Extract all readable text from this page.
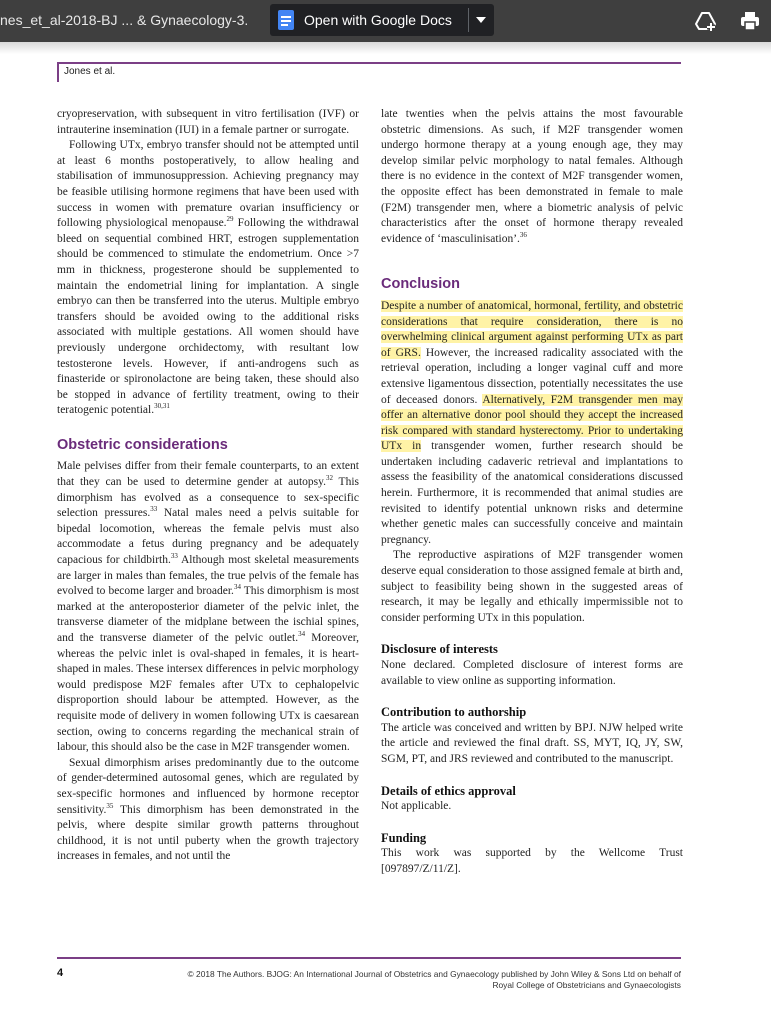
nes_et_al-2018-BJ ... & Gynaecology-3.	Open with Google Docs
Jones et al.

cryopreservation, with subsequent in vitro fertilisation (IVF) or intrauterine insemination (IUI) in a female partner or surrogate.

Following UTx, embryo transfer should not be attempted until at least 6 months postoperatively, to allow healing and stabilisation of immunosuppression. Achieving pregnancy may be feasible utilising hormone regimens that have been used with success in women with premature ovarian insufficiency or following physiological menopause.$^{29}$ Following the withdrawal bleed on sequential combined HRT, estrogen supplementation should be commenced to stimulate the endometrium. Once >7 mm in thickness, progesterone should be supplemented to maintain the endometrial lining for implantation. A single embryo can then be transferred into the uterus. Multiple embryo transfers should be avoided owing to the additional risks associated with multiple gestations. All women should have previously undergone orchidectomy, with resultant low testosterone levels. However, if anti-androgens such as finasteride or spironolactone are being taken, these should also be stopped in advance of fertility treatment, owing to their teratogenic potential.$^{30,31}$

Obstetric considerations

Male pelvises differ from their female counterparts, to an extent that they can be used to determine gender at autopsy.$^{32}$ This dimorphism has evolved as a consequence to sex-specific selection pressures.$^{33}$ Natal males need a pelvis suitable for bipedal locomotion, whereas the female pelvis must also accommodate a fetus during pregnancy and be adequately capacious for childbirth.$^{33}$ Although most skeletal measurements are larger in males than females, the true pelvis of the female has evolved to become larger and broader.$^{34}$ This dimorphism is most marked at the anteroposterior diameter of the pelvic inlet, the transverse diameter of the midplane between the ischial spines, and the transverse diameter of the pelvic outlet.$^{34}$ Moreover, whereas the pelvic inlet is oval-shaped in females, it is heart-shaped in males. These intersex differences in pelvic morphology would predispose M2F females after UTx to cephalopelvic disproportion should labour be attempted. However, as the requisite mode of delivery in women following UTx is caesarean section, owing to concerns regarding the mechanical strain of labour, this should also be the case in M2F transgender women.

Sexual dimorphism arises predominantly due to the outcome of gender-determined autosomal genes, which are regulated by sex-specific hormones and influenced by hormone receptor sensitivity.$^{35}$ This dimorphism has been demonstrated in the pelvis, where despite similar growth patterns throughout childhood, it is not until puberty when the growth trajectory increases in females, and not until the

late twenties when the pelvis attains the most favourable obstetric dimensions. As such, if M2F transgender women undergo hormone therapy at a young enough age, they may develop similar pelvic morphology to natal females. Although there is no evidence in the context of M2F transgender women, the opposite effect has been demonstrated in female to male (F2M) transgender men, where a biometric analysis of pelvic characteristics after the onset of hormone therapy revealed evidence of ‘masculinisation’.$^{36}$

Conclusion

Despite a number of anatomical, hormonal, fertility, and obstetric considerations that require consideration, there is no overwhelming clinical argument against performing UTx as part of GRS. However, the increased radicality associated with the retrieval operation, including a longer vaginal cuff and more extensive ligamentous dissection, potentially necessitates the use of deceased donors. Alternatively, F2M transgender men may offer an alternative donor pool should they accept the increased risk compared with standard hysterectomy. Prior to undertaking UTx in transgender women, further research should be undertaken including cadaveric retrieval and implantations to assess the feasibility of the anatomical considerations discussed herein. Furthermore, it is recommended that animal studies are revisited to identify potential unknown risks and determine whether genetic males can successfully conceive and maintain pregnancy.

The reproductive aspirations of M2F transgender women deserve equal consideration to those assigned female at birth and, subject to feasibility being shown in the suggested areas of research, it may be legally and ethically impermissible not to consider performing UTx in this population.

Disclosure of interests

None declared. Completed disclosure of interest forms are available to view online as supporting information.

Contribution to authorship

The article was conceived and written by BPJ. NJW helped write the article and reviewed the final draft. SS, MYT, IQ, JY, SW, SGM, PT, and JRS reviewed and contributed to the manuscript.

Details of ethics approval

Not applicable.

Funding

This work was supported by the Wellcome Trust [097897/Z/11/Z].

4	© 2018 The Authors. BJOG: An International Journal of Obstetrics and Gynaecology published by John Wiley & Sons Ltd on behalf of
Royal College of Obstetricians and Gynaecologists
